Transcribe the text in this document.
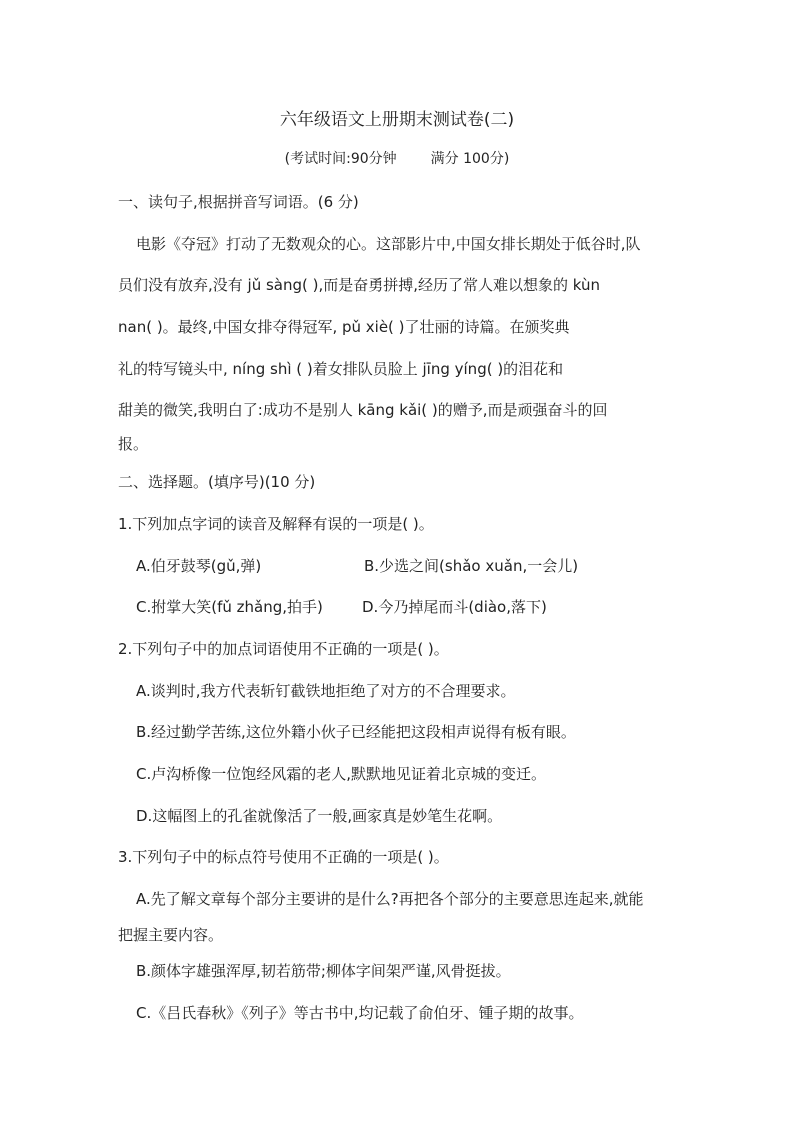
六年级语文上册期末测试卷(二)
(考试时间:90分钟 满分 100分)
一、读句子,根据拼音写词语。(6 分)
电影《夺冠》打动了无数观众的心。这部影片中,中国女排长期处于低谷时,队
员们没有放弃,没有 jǔ sàng( ),而是奋勇拼搏,经历了常人难以想象的 kùn
nan( )。最终,中国女排夺得冠军, pǔ xiè( )了壮丽的诗篇。在颁奖典
礼的特写镜头中, níng shì ( )着女排队员脸上 jīng yíng( )的泪花和
甜美的微笑,我明白了:成功不是别人 kāng kǎi( )的赠予,而是顽强奋斗的回
报。
二、选择题。(填序号)(10 分)
1.下列加点字词的读音及解释有误的一项是( )。
A.伯牙鼓琴(gǔ,弹)	B.少选之间(shǎo xuǎn,一会儿)
C.拊掌大笑(fǔ zhǎng,拍手)	D.今乃掉尾而斗(diào,落下)
2.下列句子中的加点词语使用不正确的一项是( )。
A.谈判时,我方代表斩钉截铁地拒绝了对方的不合理要求。
B.经过勤学苦练,这位外籍小伙子已经能把这段相声说得有板有眼。
C.卢沟桥像一位饱经风霜的老人,默默地见证着北京城的变迁。
D.这幅图上的孔雀就像活了一般,画家真是妙笔生花啊。
3.下列句子中的标点符号使用不正确的一项是( )。
A.先了解文章每个部分主要讲的是什么?再把各个部分的主要意思连起来,就能
把握主要内容。
B.颜体字雄强浑厚,韧若筋带;柳体字间架严谨,风骨挺拔。
C.《吕氏春秋》《列子》等古书中,均记载了俞伯牙、锺子期的故事。
